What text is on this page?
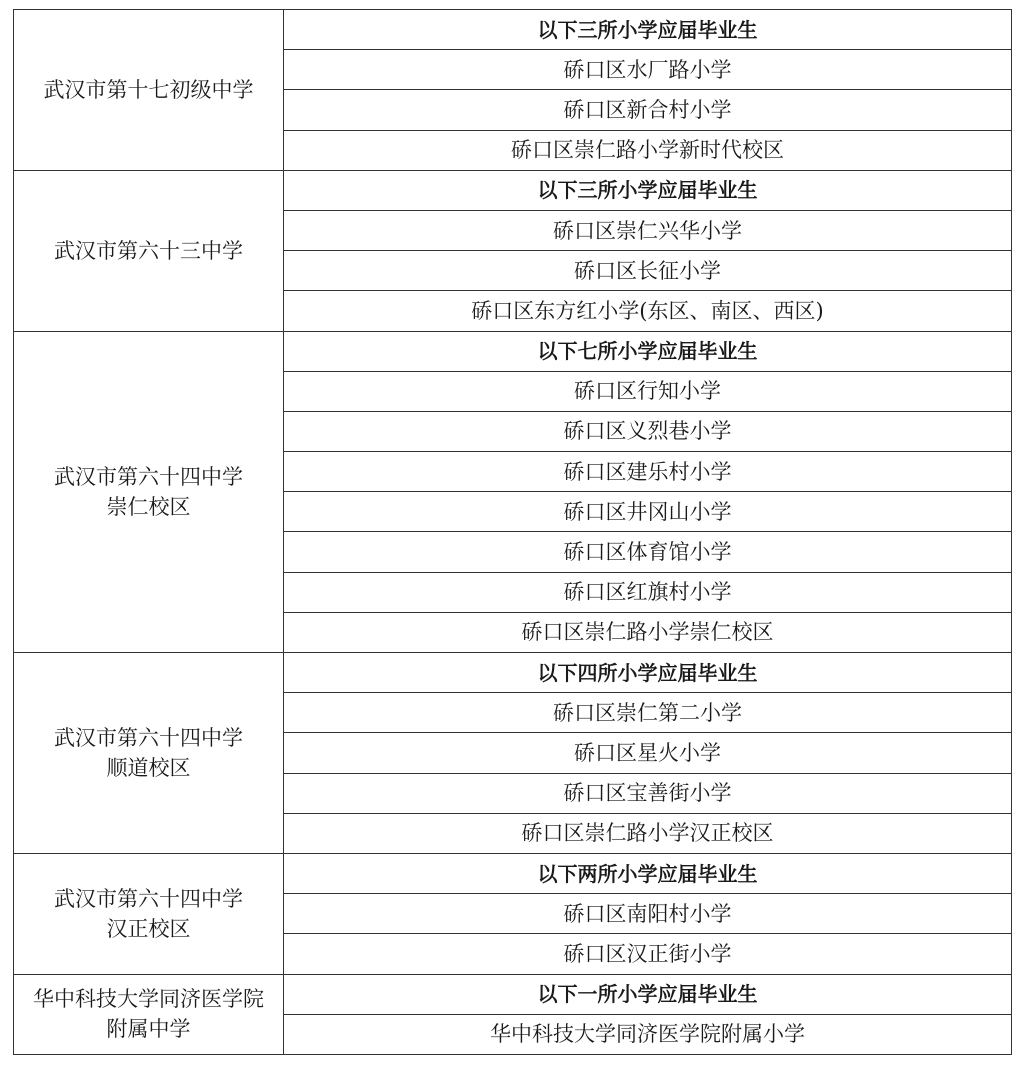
武汉市第十七初级中学	以下三所小学应届毕业生
	硚口区水厂路小学
	硚口区新合村小学
	硚口区崇仁路小学新时代校区

武汉市第六十三中学	以下三所小学应届毕业生
	硚口区崇仁兴华小学
	硚口区长征小学
	硚口区东方红小学(东区、南区、西区)

武汉市第六十四中学
崇仁校区	以下七所小学应届毕业生
	硚口区行知小学
	硚口区义烈巷小学
	硚口区建乐村小学
	硚口区井冈山小学
	硚口区体育馆小学
	硚口区红旗村小学
	硚口区崇仁路小学崇仁校区

武汉市第六十四中学
顺道校区	以下四所小学应届毕业生
	硚口区崇仁第二小学
	硚口区星火小学
	硚口区宝善街小学
	硚口区崇仁路小学汉正校区

武汉市第六十四中学
汉正校区	以下两所小学应届毕业生
	硚口区南阳村小学
	硚口区汉正街小学

华中科技大学同济医学院
附属中学	以下一所小学应届毕业生
	华中科技大学同济医学院附属小学
